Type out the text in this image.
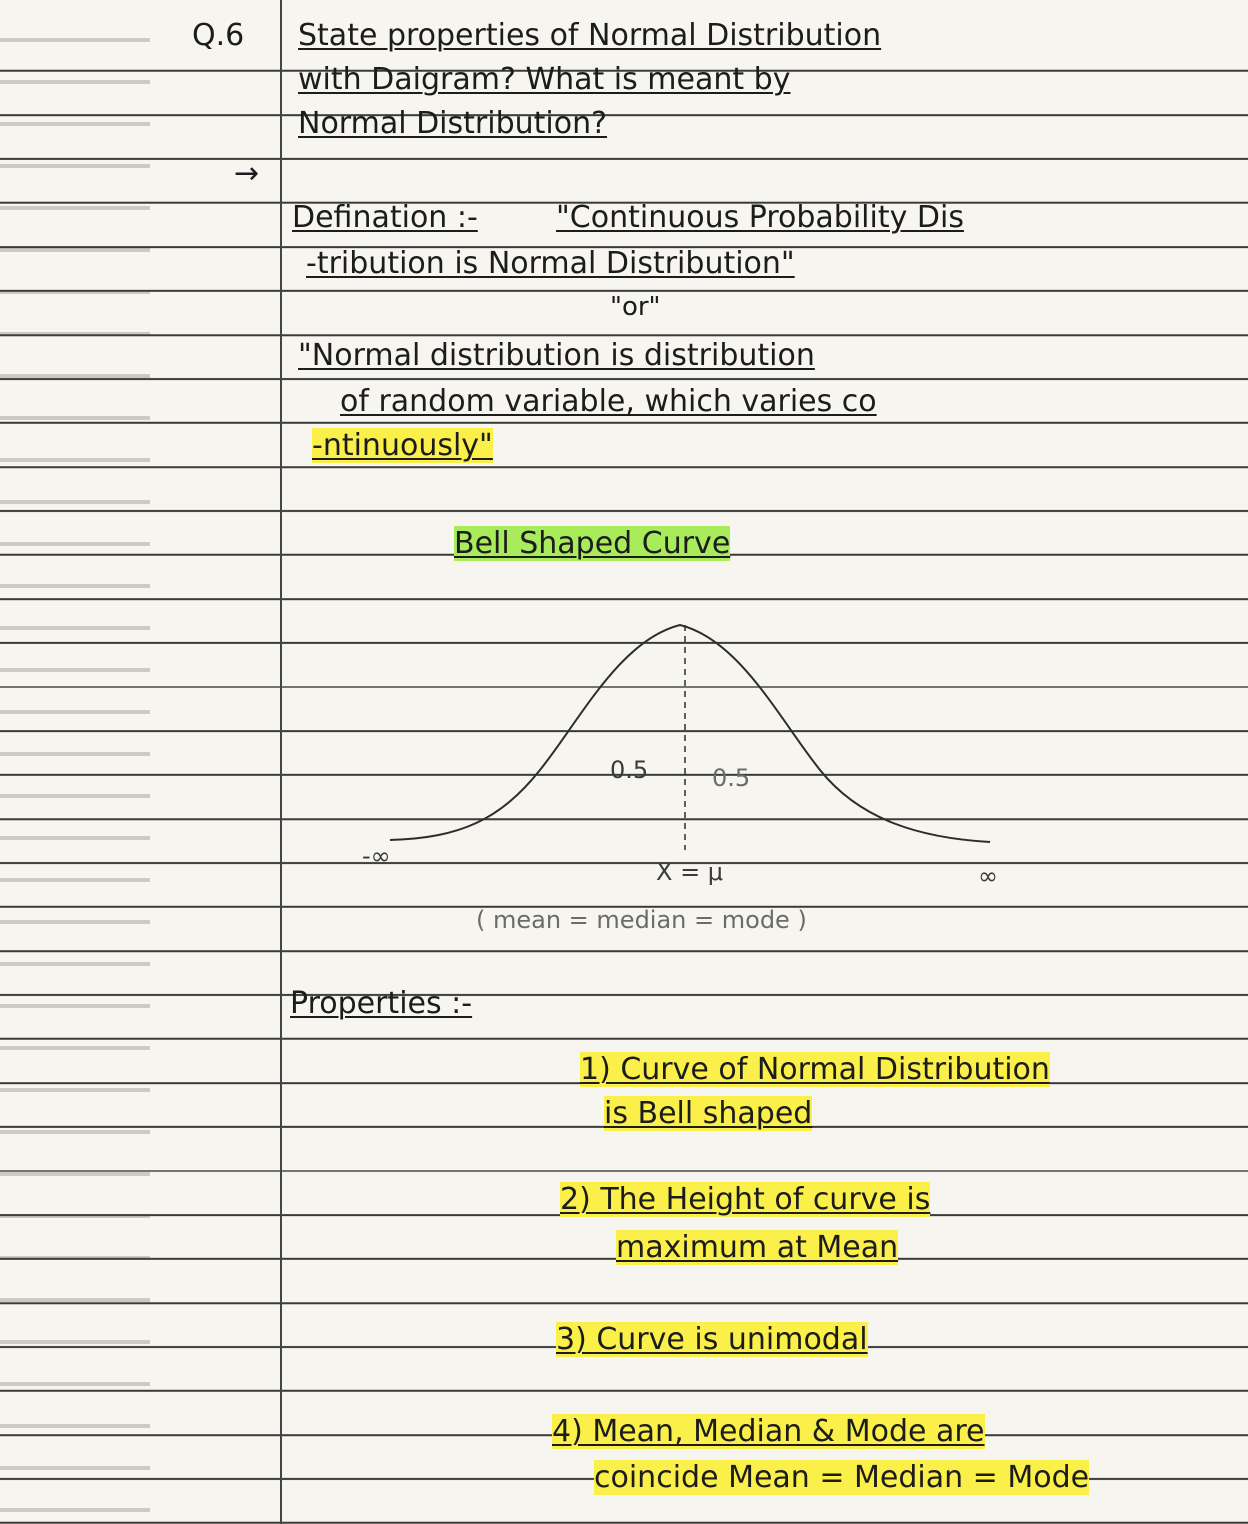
Q.6 State properties of Normal Distribution
with Daigram? What is meant by
Normal Distribution?
→
Defination :-	"Continuous Probability Dis
-tribution is Normal Distribution"
"or"
"Normal distribution is distribution
of random variable, which varies co
-ntinuously"
Bell Shaped Curve
0.5	0.5
-∞
∞
X = μ
( mean = median = mode )
Properties :-
1) Curve of Normal Distribution
is Bell shaped
2) The Height of curve is
maximum at Mean
3) Curve is unimodal
4) Mean, Median & Mode are
coincide Mean = Median = Mode
